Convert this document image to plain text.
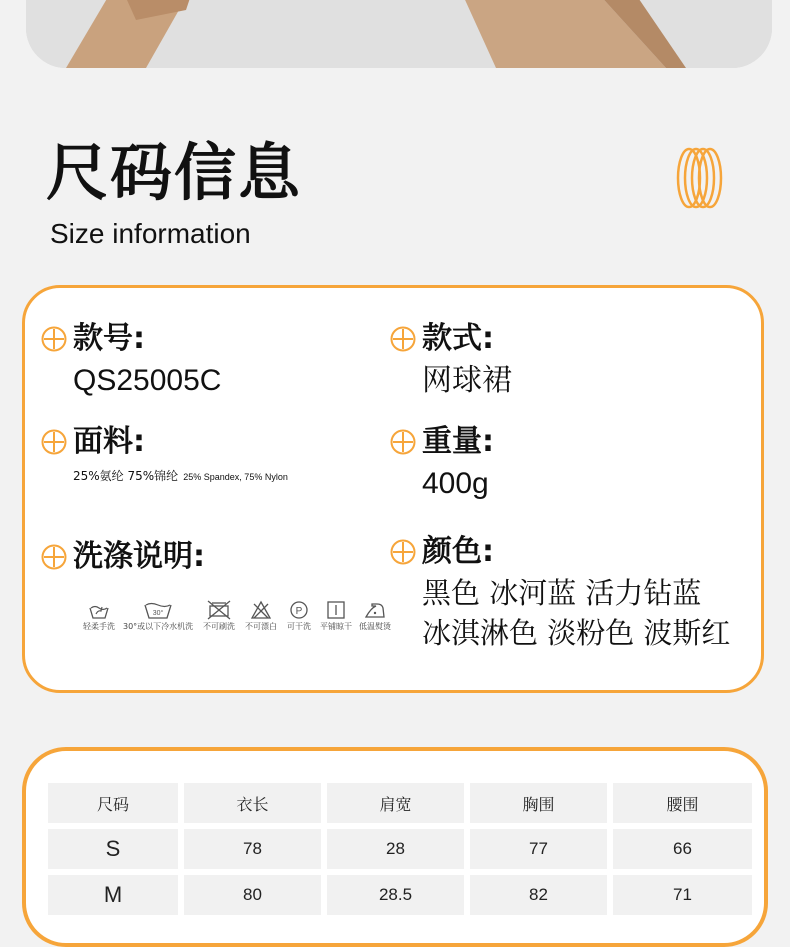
尺码信息
Size information
款号:
QS25005C
款式:
网球裙
面料:
25%氨纶 75%锦纶 25% Spandex, 75% Nylon
重量:
400g
洗涤说明:
轻柔手洗
30°
30°或以下冷水机洗	不可刷洗	不可漂白
P
可干洗	平铺晾干 低温熨烫
颜色:
黑色 冰河蓝 活力钻蓝
冰淇淋色 淡粉色 波斯红
尺码	衣长	肩宽	胸围	腰围
S	78	28	77	66
M	80	28.5	82	71
